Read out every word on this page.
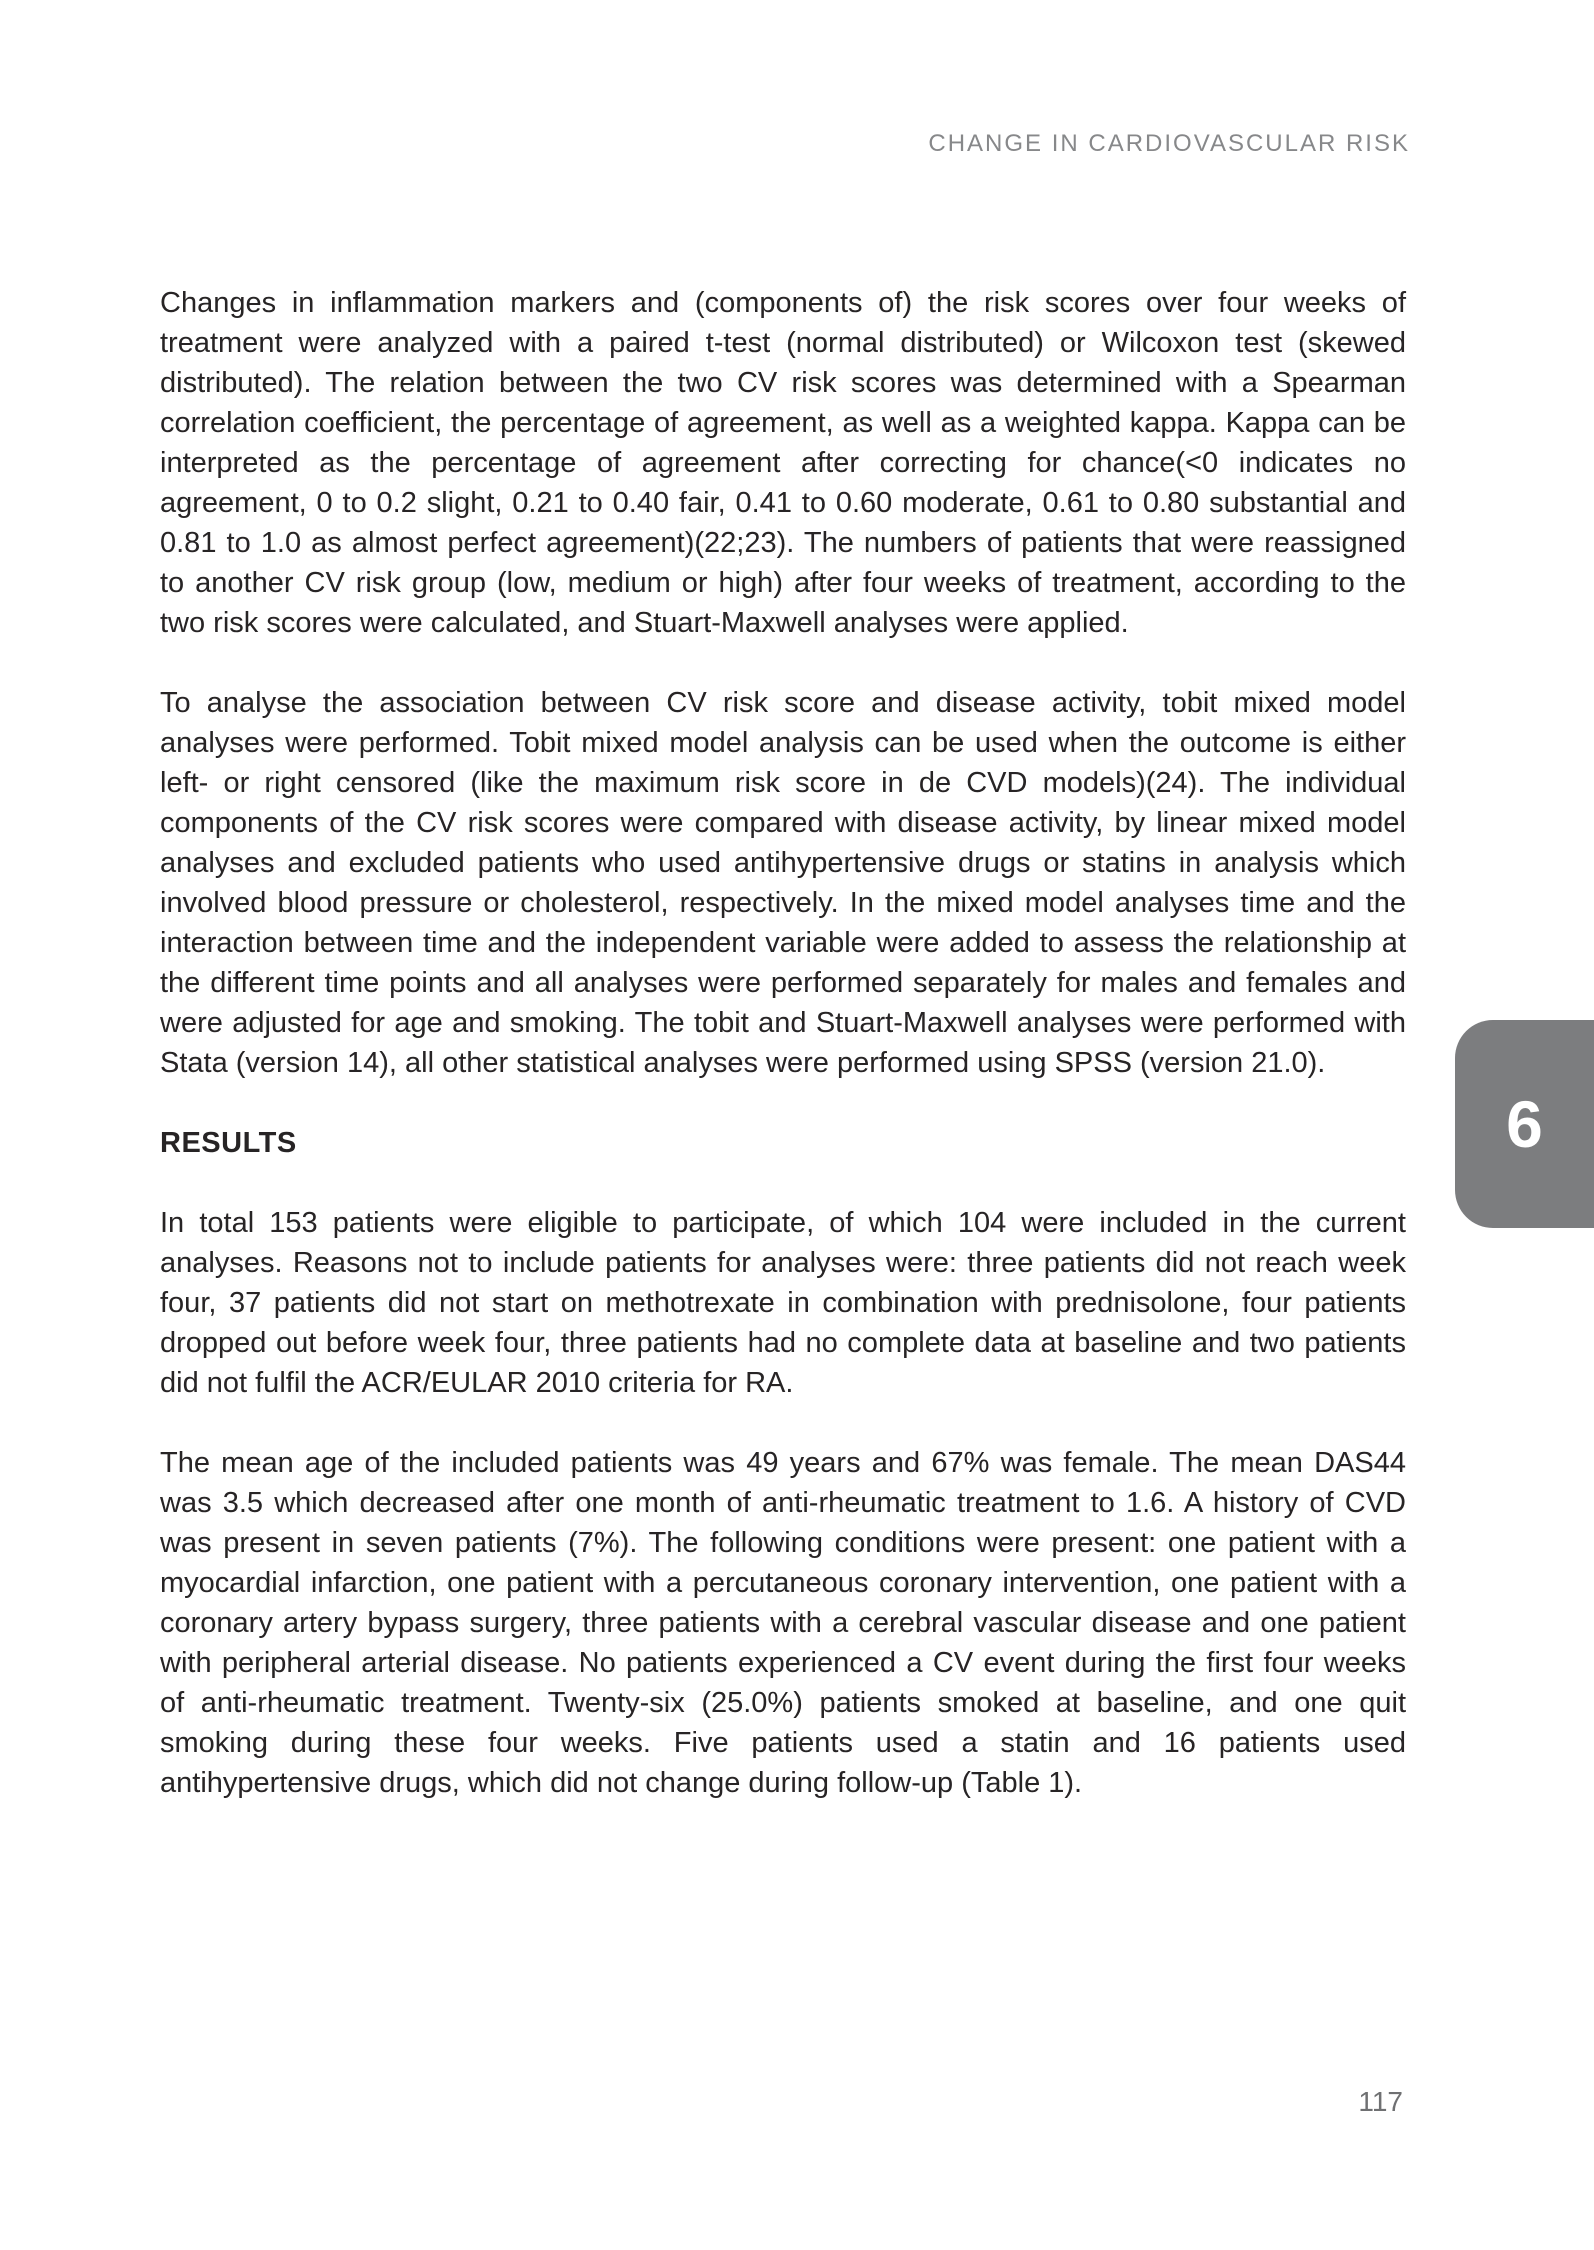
CHANGE IN CARDIOVASCULAR RISK

Changes in inflammation markers and (components of) the risk scores over four weeks of treatment were analyzed with a paired t-test (normal distributed) or Wilcoxon test (skewed distributed). The relation between the two CV risk scores was determined with a Spearman correlation coefficient, the percentage of agreement, as well as a weighted kappa. Kappa can be interpreted as the percentage of agreement after correcting for chance(<0 indicates no agreement, 0 to 0.2 slight, 0.21 to 0.40 fair, 0.41 to 0.60 moderate, 0.61 to 0.80 substantial and 0.81 to 1.0 as almost perfect agreement)(22;23). The numbers of patients that were reassigned to another CV risk group (low, medium or high) after four weeks of treatment, according to the two risk scores were calculated, and Stuart-Maxwell analyses were applied.

To analyse the association between CV risk score and disease activity, tobit mixed model analyses were performed. Tobit mixed model analysis can be used when the outcome is either left- or right censored (like the maximum risk score in de CVD models)(24). The individual components of the CV risk scores were compared with disease activity, by linear mixed model analyses and excluded patients who used antihypertensive drugs or statins in analysis which involved blood pressure or cholesterol, respectively. In the mixed model analyses time and the interaction between time and the independent variable were added to assess the relationship at the different time points and all analyses were performed separately for males and females and were adjusted for age and smoking. The tobit and Stuart-Maxwell analyses were performed with Stata (version 14), all other statistical analyses were performed using SPSS (version 21.0).

RESULTS

In total 153 patients were eligible to participate, of which 104 were included in the current analyses. Reasons not to include patients for analyses were: three patients did not reach week four, 37 patients did not start on methotrexate in combination with prednisolone, four patients dropped out before week four, three patients had no complete data at baseline and two patients did not fulfil the ACR/EULAR 2010 criteria for RA.

The mean age of the included patients was 49 years and 67% was female. The mean DAS44 was 3.5 which decreased after one month of anti-rheumatic treatment to 1.6. A history of CVD was present in seven patients (7%). The following conditions were present: one patient with a myocardial infarction, one patient with a percutaneous coronary intervention, one patient with a coronary artery bypass surgery, three patients with a cerebral vascular disease and one patient with peripheral arterial disease. No patients experienced a CV event during the first four weeks of anti-rheumatic treatment. Twenty-six (25.0%) patients smoked at baseline, and one quit smoking during these four weeks. Five patients used a statin and 16 patients used antihypertensive drugs, which did not change during follow-up (Table 1).

6
117
